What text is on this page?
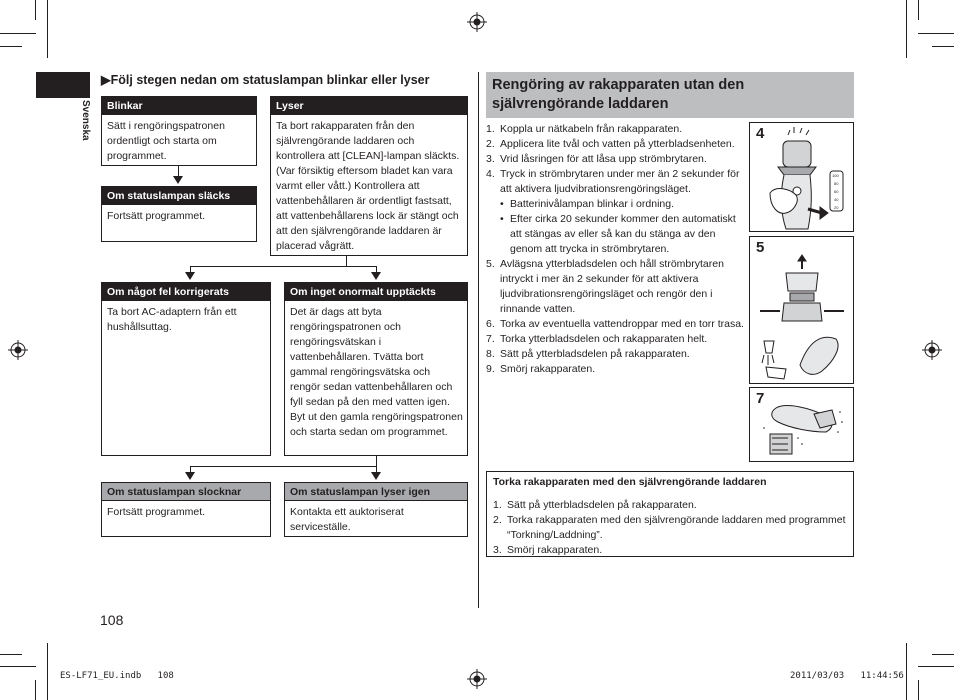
Svenska
▶Följ stegen nedan om statuslampan blinkar eller lyser
Blinkar
Sätt i rengöringspatronen ordentligt och starta om programmet.
Lyser
Ta bort rakapparaten från den självrengörande laddaren och kontrollera att [CLEAN]-lampan släckts. (Var försiktig eftersom bladet kan vara varmt eller vått.) Kontrollera att vattenbehållaren är ordentligt fastsatt, att vattenbehållarens lock är stängt och att den självrengörande laddaren är placerad vågrätt.
Om statuslampan släcks
Fortsätt programmet.
Om något fel korrigerats
Ta bort AC-adaptern från ett hushållsuttag.
Om inget onormalt upptäckts
Det är dags att byta rengöringspatronen och rengöringsvätskan i vattenbehållaren. Tvätta bort gammal rengöringsvätska och rengör sedan vattenbehållaren och fyll sedan på den med vatten igen. Byt ut den gamla rengöringspatronen och starta sedan om programmet.
Om statuslampan slocknar
Fortsätt programmet.
Om statuslampan lyser igen
Kontakta ett auktoriserat serviceställe.
Rengöring av rakapparaten utan den självrengörande laddaren
1. Koppla ur nätkabeln från rakapparaten.
2. Applicera lite tvål och vatten på ytterbladsenheten.
3. Vrid låsringen för att låsa upp strömbrytaren.
4. Tryck in strömbrytaren under mer än 2 sekunder för att aktivera ljudvibrationsrengöringsläget.
• Batterinivålampan blinkar i ordning.
• Efter cirka 20 sekunder kommer den automatiskt att stängas av eller så kan du stänga av den genom att trycka in strömbrytaren.
5. Avlägsna ytterbladsdelen och håll strömbrytaren intryckt i mer än 2 sekunder för att aktivera ljudvibrationsrengöringsläget och rengör den i rinnande vatten.
6. Torka av eventuella vattendroppar med en torr trasa.
7. Torka ytterbladsdelen och rakapparaten helt.
8. Sätt på ytterbladsdelen på rakapparaten.
9. Smörj rakapparaten.
4
100
80
60
40
20
5
7
Torka rakapparaten med den självrengörande laddaren
1. Sätt på ytterbladsdelen på rakapparaten.
2. Torka rakapparaten med den självrengörande laddaren med programmet “Torkning/Laddning”.
3. Smörj rakapparaten.
108
ES-LF71_EU.indb   108	2011/03/03   11:44:56
